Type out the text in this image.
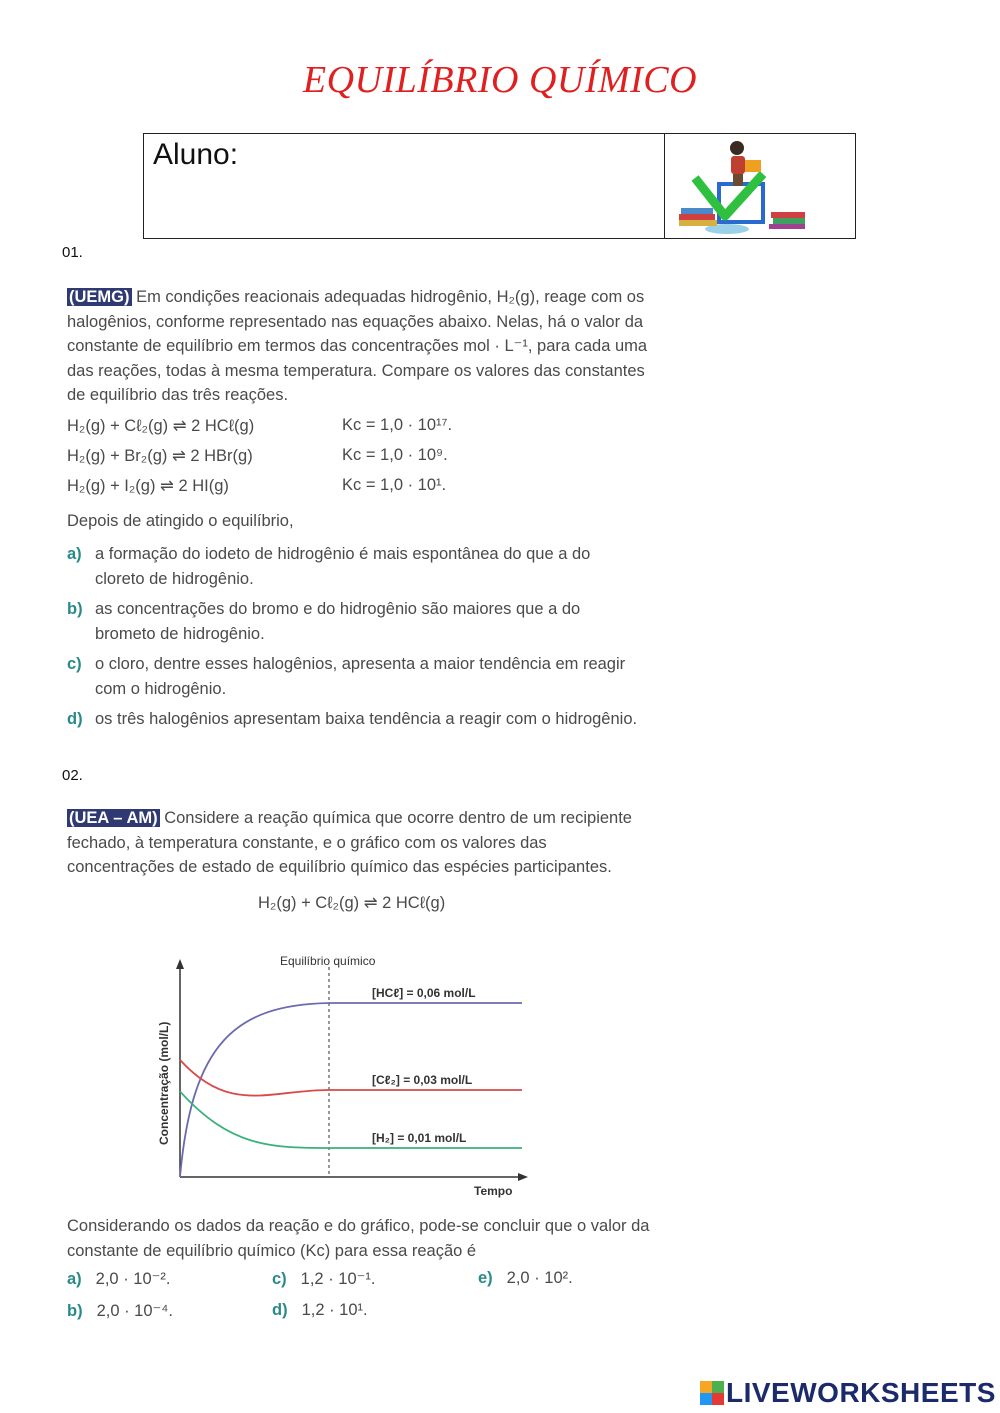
EQUILÍBRIO QUÍMICO
Aluno:
01.
(UEMG) Em condições reacionais adequadas hidrogênio, H₂(g), reage com os halogênios, conforme representado nas equações abaixo. Nelas, há o valor da constante de equilíbrio em termos das concentrações mol · L⁻¹, para cada uma das reações, todas à mesma temperatura. Compare os valores das constantes de equilíbrio das três reações.
H₂(g) + Cℓ₂(g) ⇌ 2 HCℓ(g)	Kc = 1,0 · 10¹⁷.
H₂(g) + Br₂(g) ⇌ 2 HBr(g)	Kc = 1,0 · 10⁹.
H₂(g) + I₂(g) ⇌ 2 HI(g)	Kc = 1,0 · 10¹.
Depois de atingido o equilíbrio,
a) a formação do iodeto de hidrogênio é mais espontânea do que a do cloreto de hidrogênio.
b) as concentrações do bromo e do hidrogênio são maiores que a do brometo de hidrogênio.
c) o cloro, dentre esses halogênios, apresenta a maior tendência em reagir com o hidrogênio.
d) os três halogênios apresentam baixa tendência a reagir com o hidrogênio.
02.
(UEA – AM) Considere a reação química que ocorre dentro de um recipiente fechado, à temperatura constante, e o gráfico com os valores das concentrações de estado de equilíbrio químico das espécies participantes.
H₂(g) + Cℓ₂(g) ⇌ 2 HCℓ(g)
Equilíbrio químico
Tempo
Concentração (mol/L)
[HCℓ] = 0,06 mol/L
[Cℓ₂] = 0,03 mol/L
[H₂] = 0,01 mol/L
Considerando os dados da reação e do gráfico, pode-se concluir que o valor da constante de equilíbrio químico (Kc) para essa reação é
a) 2,0 · 10⁻².
b) 2,0 · 10⁻⁴.
c) 1,2 · 10⁻¹.
d) 1,2 · 10¹.
e) 2,0 · 10².
LIVEWORKSHEETS
